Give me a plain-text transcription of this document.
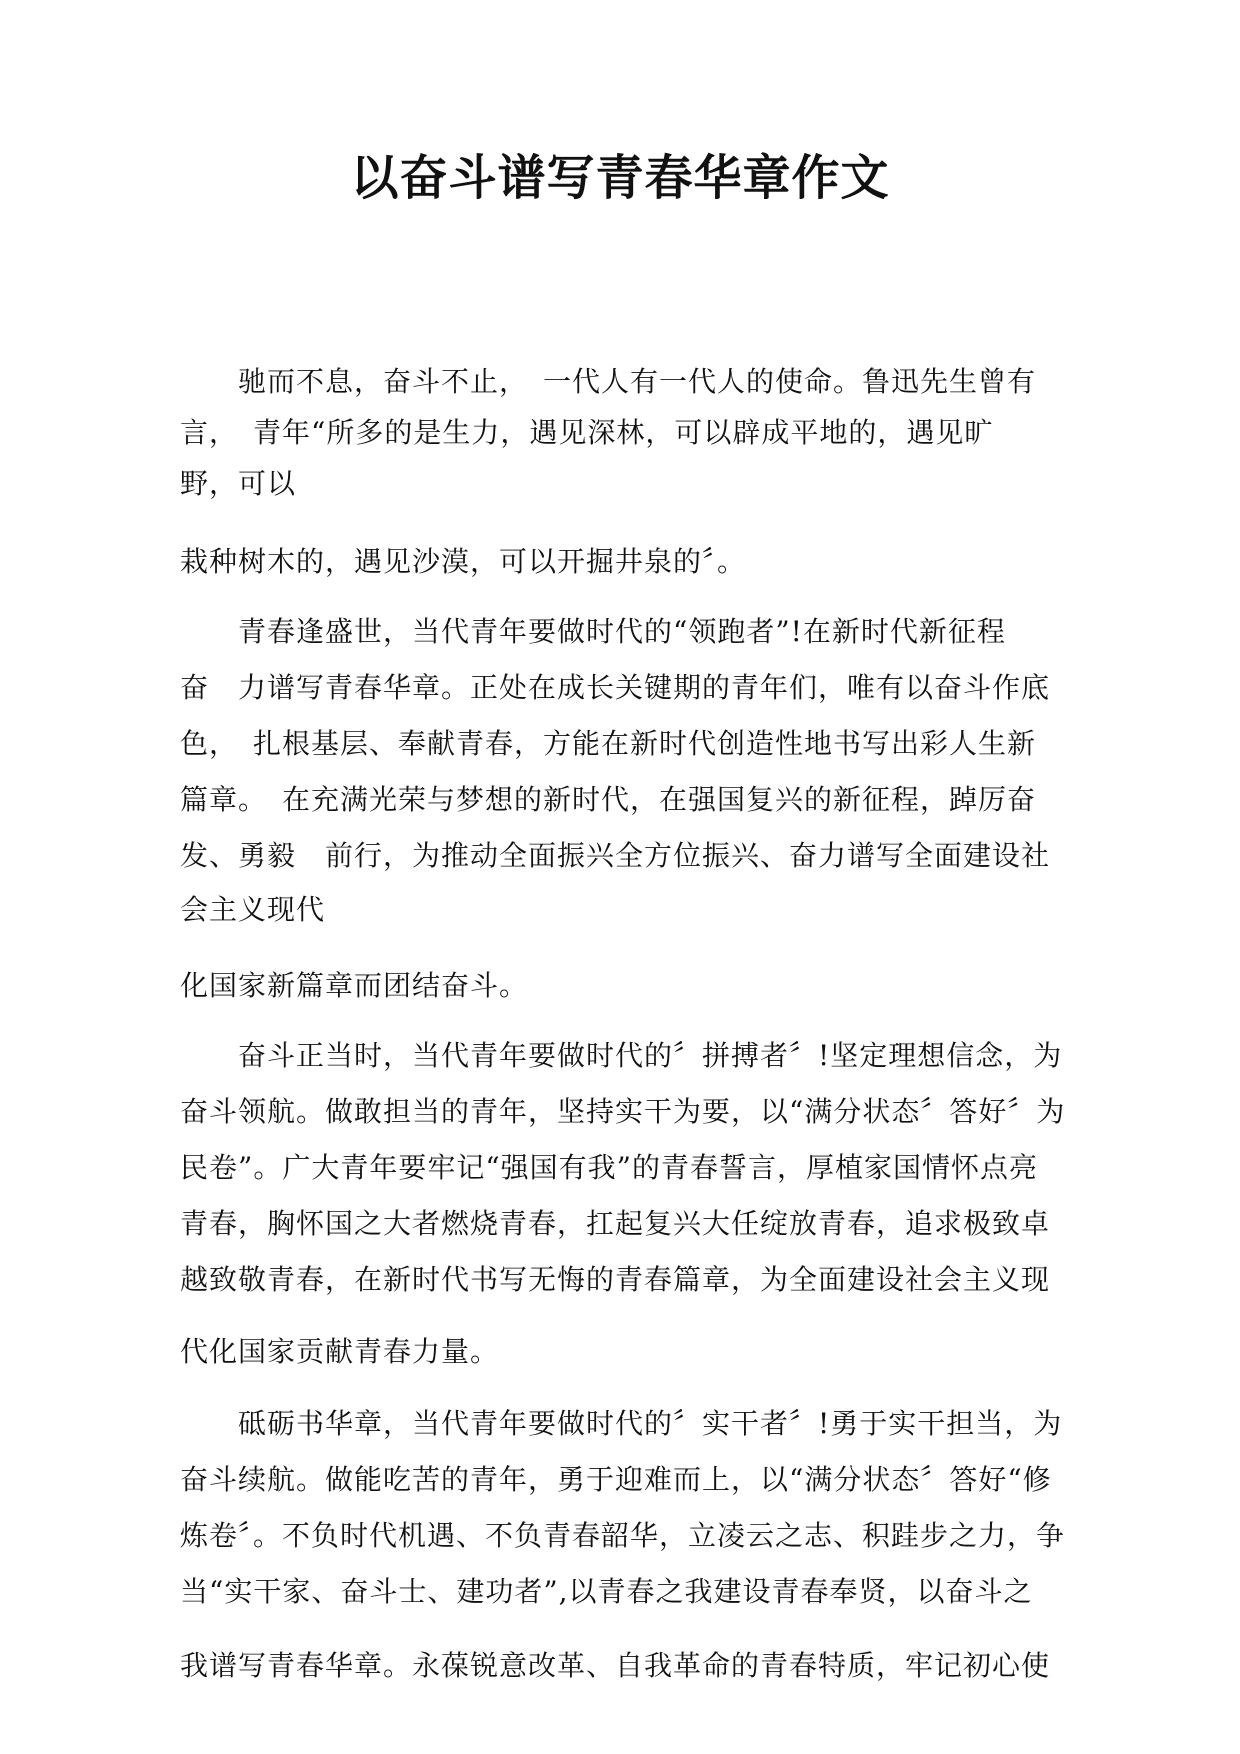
以奋斗谱写青春华章作文
　　驰而不息，奋斗不止，　一代人有一代人的使命。鲁迅先生曾有
言，　青年“所多的是生力，遇见深林，可以辟成平地的，遇见旷
野，可以
栽种树木的，遇见沙漠，可以开掘井泉的〞。
　　青春逢盛世，当代青年要做时代的“领跑者”!在新时代新征程
奋　力谱写青春华章。正处在成长关键期的青年们，唯有以奋斗作底
色，　扎根基层、奉献青春，方能在新时代创造性地书写出彩人生新
篇章。　在充满光荣与梦想的新时代，在强国复兴的新征程，踔厉奋
发、勇毅　前行，为推动全面振兴全方位振兴、奋力谱写全面建设社
会主义现代
化国家新篇章而团结奋斗。
　　奋斗正当时，当代青年要做时代的〞拼搏者〞!坚定理想信念，为
奋斗领航。做敢担当的青年，坚持实干为要，以“满分状态〞答好〞为
民卷”。广大青年要牢记“强国有我”的青春誓言，厚植家国情怀点亮
青春，胸怀国之大者燃烧青春，扛起复兴大任绽放青春，追求极致卓
越致敬青春，在新时代书写无悔的青春篇章，为全面建设社会主义现
代化国家贡献青春力量。
　　砥砺书华章，当代青年要做时代的〞实干者〞!勇于实干担当，为
奋斗续航。做能吃苦的青年，勇于迎难而上，以“满分状态〞答好“修
炼卷〞。不负时代机遇、不负青春韶华，立凌云之志、积跬步之力，争
当“实干家、奋斗士、建功者”,以青春之我建设青春奉贤，以奋斗之
我谱写青春华章。永葆锐意改革、自我革命的青春特质，牢记初心使
